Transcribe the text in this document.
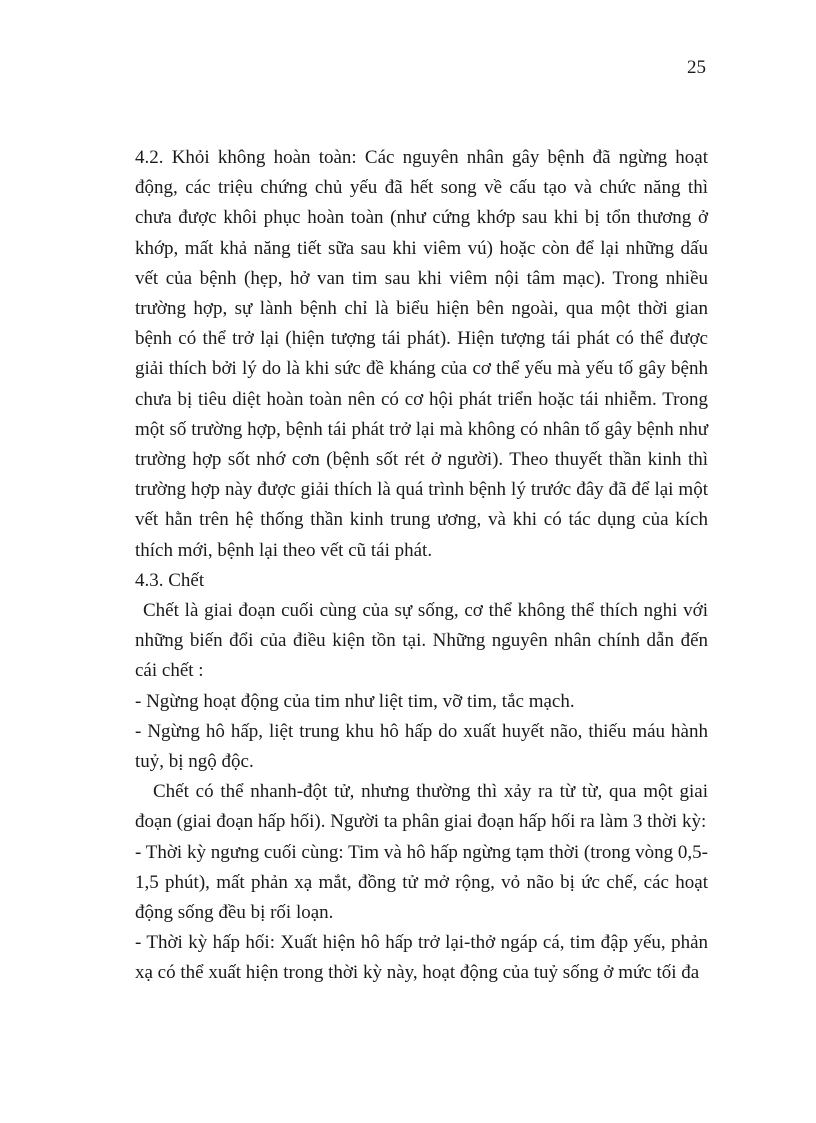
25

4.2. Khỏi không hoàn toàn: Các nguyên nhân gây bệnh đã ngừng hoạt động, các triệu chứng chủ yếu đã hết song về cấu tạo và chức năng thì chưa được khôi phục hoàn toàn (như cứng khớp sau khi bị tổn thương ở khớp, mất khả năng tiết sữa sau khi viêm vú) hoặc còn để lại những dấu vết của bệnh (hẹp, hở van tim sau khi viêm nội tâm mạc). Trong nhiều trường hợp, sự lành bệnh chỉ là biểu hiện bên ngoài, qua một thời gian bệnh có thể trở lại (hiện tượng tái phát). Hiện tượng tái phát có thể được giải thích bởi lý do là khi sức đề kháng của cơ thể yếu mà yếu tố gây bệnh chưa bị tiêu diệt hoàn toàn nên có cơ hội phát triển hoặc tái nhiễm. Trong một số trường hợp, bệnh tái phát trở lại mà không có nhân tố gây bệnh như trường hợp sốt nhớ cơn (bệnh sốt rét ở người). Theo thuyết thần kinh thì trường hợp này được giải thích là quá trình bệnh lý trước đây đã để lại một vết hằn trên hệ thống thần kinh trung ương, và khi có tác dụng của kích thích mới, bệnh lại theo vết cũ tái phát.

4.3. Chết

Chết là giai đoạn cuối cùng của sự sống, cơ thể không thể thích nghi với những biến đổi của điều kiện tồn tại. Những nguyên nhân chính dẫn đến cái chết :

- Ngừng hoạt động của tim như liệt tim, vỡ tim, tắc mạch.

- Ngừng hô hấp, liệt trung khu hô hấp do xuất huyết não, thiếu máu hành tuỷ, bị ngộ độc.

Chết có thể nhanh-đột tử, nhưng thường thì xảy ra từ từ, qua một giai đoạn (giai đoạn hấp hối). Người ta phân giai đoạn hấp hối ra làm 3 thời kỳ:

- Thời kỳ ngưng cuối cùng: Tim và hô hấp ngừng tạm thời (trong vòng 0,5-1,5 phút), mất phản xạ mắt, đồng tử mở rộng, vỏ não bị ức chế, các hoạt động sống đều bị rối loạn.

- Thời kỳ hấp hối: Xuất hiện hô hấp trở lại-thở ngáp cá, tim đập yếu, phản xạ có thể xuất hiện trong thời kỳ này, hoạt động của tuỷ sống ở mức tối đa
